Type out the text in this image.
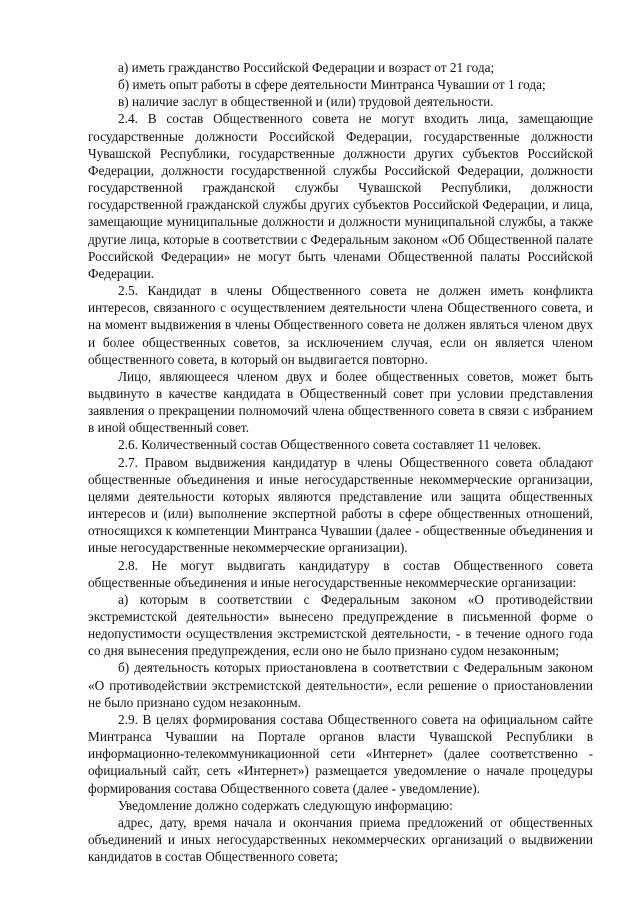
а) иметь гражданство Российской Федерации и возраст от 21 года;

б) иметь опыт работы в сфере деятельности Минтранса Чувашии от 1 года;

в) наличие заслуг в общественной и (или) трудовой деятельности.

2.4. В состав Общественного совета не могут входить лица, замещающие государственные должности Российской Федерации, государственные должности Чувашской Республики, государственные должности других субъектов Российской Федерации, должности государственной службы Российской Федерации, должности государственной гражданской службы Чувашской Республики, должности государственной гражданской службы других субъектов Российской Федерации, и лица, замещающие муниципальные должности и должности муниципальной службы, а также другие лица, которые в соответствии с Федеральным законом «Об Общественной палате Российской Федерации» не могут быть членами Общественной палаты Российской Федерации.

2.5. Кандидат в члены Общественного совета не должен иметь конфликта интересов, связанного с осуществлением деятельности члена Общественного совета, и на момент выдвижения в члены Общественного совета не должен являться членом двух и более общественных советов, за исключением случая, если он является членом общественного совета, в который он выдвигается повторно.

Лицо, являющееся членом двух и более общественных советов, может быть выдвинуто в качестве кандидата в Общественный совет при условии представления заявления о прекращении полномочий члена общественного совета в связи с избранием в иной общественный совет.

2.6. Количественный состав Общественного совета составляет 11 человек.

2.7. Правом выдвижения кандидатур в члены Общественного совета обладают общественные объединения и иные негосударственные некоммерческие организации, целями деятельности которых являются представление или защита общественных интересов и (или) выполнение экспертной работы в сфере общественных отношений, относящихся к компетенции Минтранса Чувашии (далее - общественные объединения и иные негосударственные некоммерческие организации).

2.8. Не могут выдвигать кандидатуру в состав Общественного совета общественные объединения и иные негосударственные некоммерческие организации:

а) которым в соответствии с Федеральным законом «О противодействии экстремистской деятельности» вынесено предупреждение в письменной форме о недопустимости осуществления экстремистской деятельности, - в течение одного года со дня вынесения предупреждения, если оно не было признано судом незаконным;

б) деятельность которых приостановлена в соответствии с Федеральным законом «О противодействии экстремистской деятельности», если решение о приостановлении не было признано судом незаконным.

2.9. В целях формирования состава Общественного совета на официальном сайте Минтранса Чувашии на Портале органов власти Чувашской Республики в информационно-телекоммуникационной сети «Интернет» (далее соответственно - официальный сайт, сеть «Интернет») размещается уведомление о начале процедуры формирования состава Общественного совета (далее - уведомление).

Уведомление должно содержать следующую информацию:

адрес, дату, время начала и окончания приема предложений от общественных объединений и иных негосударственных некоммерческих организаций о выдвижении кандидатов в состав Общественного совета;
